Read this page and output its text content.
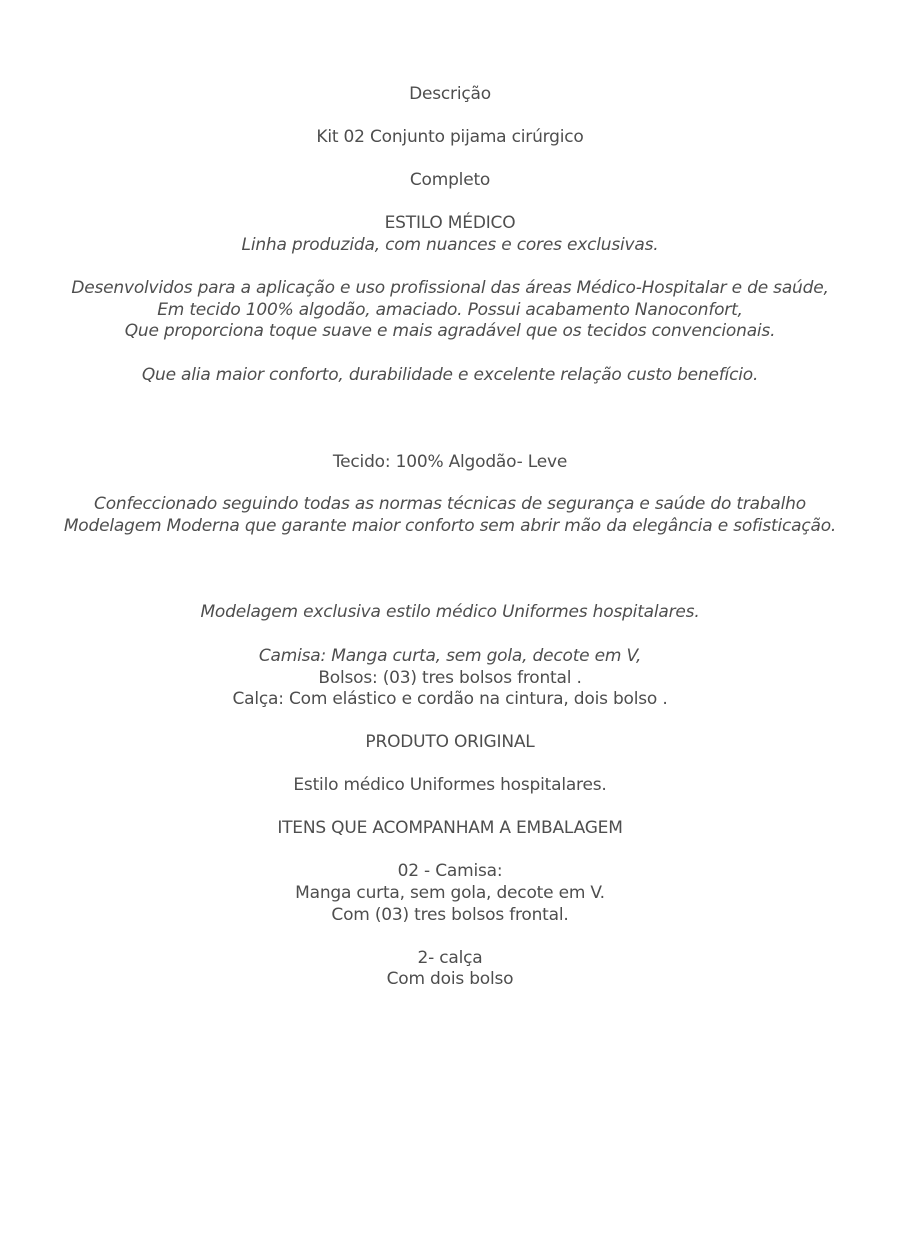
Descrição
Kit 02 Conjunto pijama cirúrgico
Completo
ESTILO MÉDICO
Linha produzida, com nuances e cores exclusivas.
Desenvolvidos para a aplicação e uso profissional das áreas Médico-Hospitalar e de saúde,
Em tecido 100% algodão, amaciado. Possui acabamento Nanoconfort,
Que proporciona toque suave e mais agradável que os tecidos convencionais.
Que alia maior conforto, durabilidade e excelente relação custo benefício.
Tecido: 100% Algodão- Leve
Confeccionado seguindo todas as normas técnicas de segurança e saúde do trabalho
Modelagem Moderna que garante maior conforto sem abrir mão da elegância e sofisticação.
Modelagem exclusiva estilo médico Uniformes hospitalares.
Camisa: Manga curta, sem gola, decote em V,
Bolsos: (03) tres bolsos frontal .
Calça: Com elástico e cordão na cintura, dois bolso .
PRODUTO ORIGINAL
Estilo médico Uniformes hospitalares.
ITENS QUE ACOMPANHAM A EMBALAGEM
02 - Camisa:
Manga curta, sem gola, decote em V.
Com (03) tres bolsos frontal.
2- calça
Com dois bolso
